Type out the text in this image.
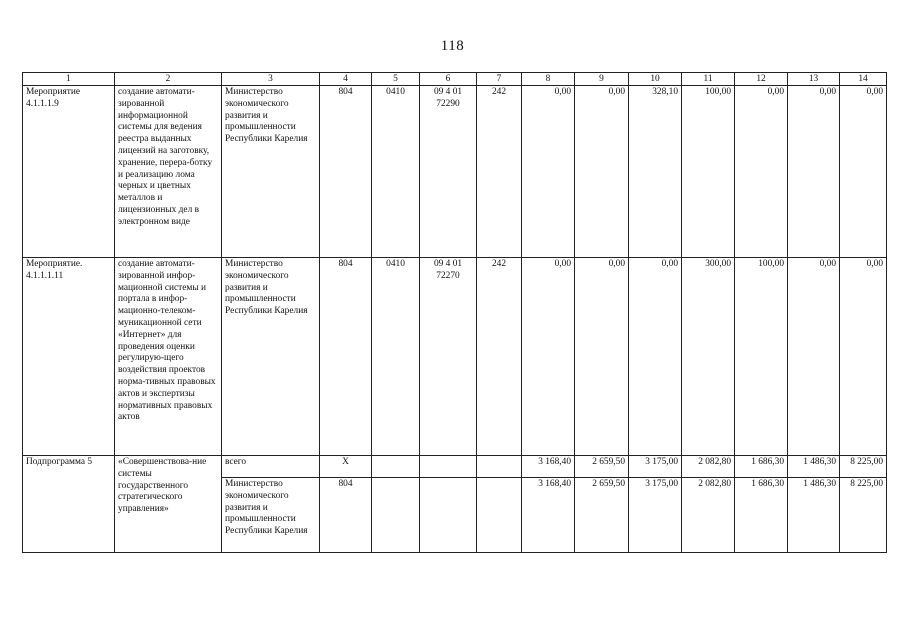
118
1	2	3	4	5	6	7	8	9	10	11	12	13	14
Мероприятие 4.1.1.1.9	создание автомати-зированной информационной системы для ведения реестра выданных лицензий на заготовку, хранение, перера-ботку и реализацию лома черных и цветных металлов и лицензионных дел в электронном виде	Министерство экономического развития и промышленности Республики Карелия	804	0410	09 4 01 72290	242	0,00	0,00	328,10	100,00	0,00	0,00	0,00
Мероприятие. 4.1.1.1.11	создание автомати-зированной инфор-мационной системы и портала в инфор-мационно-телеком-муникационной сети «Интернет» для проведения оценки регулирую-щего воздействия проектов норма-тивных правовых актов и экспертизы нормативных правовых актов	Министерство экономического развития и промышленности Республики Карелия	804	0410	09 4 01 72270	242	0,00	0,00	0,00	300,00	100,00	0,00	0,00
Подпрограмма 5	«Совершенствова-ние системы государственного стратегического управления»	всего	Х				3 168,40	2 659,50	3 175,00	2 082,80	1 686,30	1 486,30	8 225,00
		Министерство экономического развития и промышленности Республики Карелия	804				3 168,40	2 659,50	3 175,00	2 082,80	1 686,30	1 486,30	8 225,00
